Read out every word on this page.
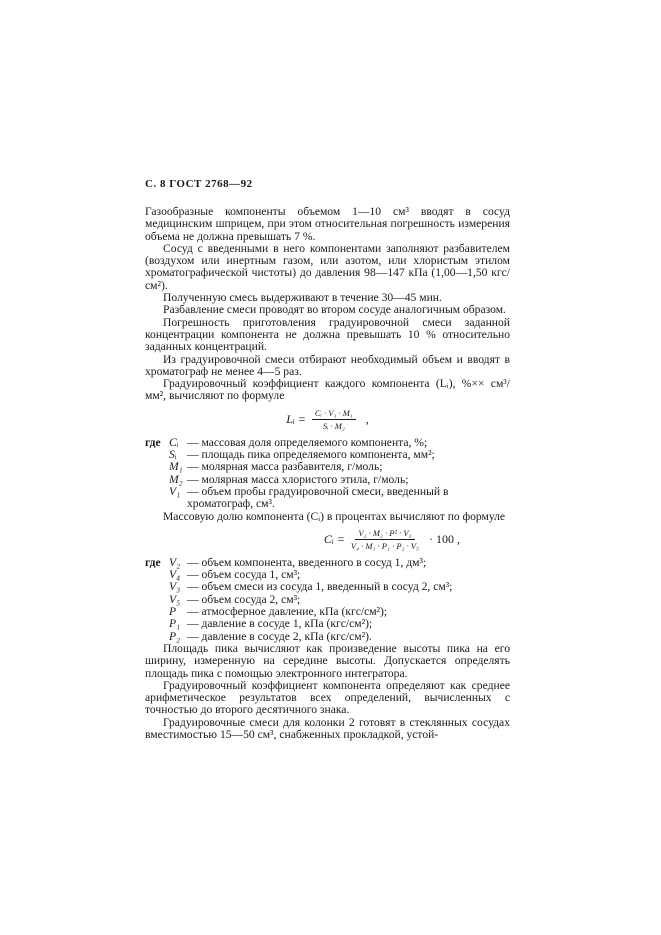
С. 8 ГОСТ 2768—92

Газообразные компоненты объемом 1—10 см³ вводят в сосуд медицинским шприцем, при этом относительная погрешность измерения объема не должна превышать 7 %.

Сосуд с введенными в него компонентами заполняют разбавителем (воздухом или инертным газом, или азотом, или хлористым этилом хроматографической чистоты) до давления 98—147 кПа (1,00—1,50 кгс/см²).

Полученную смесь выдерживают в течение 30—45 мин.

Разбавление смеси проводят во втором сосуде аналогичным образом.

Погрешность приготовления градуировочной смеси заданной концентрации компонента не должна превышать 10 % относительно заданных концентраций.

Из градуировочной смеси отбирают необходимый объем и вводят в хроматограф не менее 4—5 раз.

Градуировочный коэффициент каждого компонента (Lᵢ), %×× см³/мм², вычисляют по формуле

Lᵢ = $\frac{\text{Cᵢ · V₁ · M₁}}{\text{Sᵢ · M₂}}$ ,
где Cᵢ — массовая доля определяемого компонента, %;
Sᵢ — площадь пика определяемого компонента, мм²;
M₁ — молярная масса разбавителя, г/моль;
M₂ — молярная масса хлористого этила, г/моль;
V₁ — объем пробы градуировочной смеси, введенный в хроматограф, см³.

Массовую долю компонента (Cᵢ) в процентах вычисляют по формуле

Cᵢ = $\frac{\text{V₂ · M₂ · P² · V₃}}{\text{V₄ · M₁ · P₁ · P₂ · V₅}} \cdot 100$ ,
где V₂ — объем компонента, введенного в сосуд 1, дм³;
V₄ — объем сосуда 1, см³;
V₃ — объем смеси из сосуда 1, введенный в сосуд 2, см³;
V₅ — объем сосуда 2, см³;
P — атмосферное давление, кПа (кгс/см²);
P₁ — давление в сосуде 1, кПа (кгс/см²);
P₂ — давление в сосуде 2, кПа (кгс/см²).

Площадь пика вычисляют как произведение высоты пика на его ширину, измеренную на середине высоты. Допускается определять площадь пика с помощью электронного интегратора.

Градуировочный коэффициент компонента определяют как среднее арифметическое результатов всех определений, вычисленных с точностью до второго десятичного знака.

Градуировочные смеси для колонки 2 готовят в стеклянных сосудах вместимостью 15—50 см³, снабженных прокладкой, устой-
